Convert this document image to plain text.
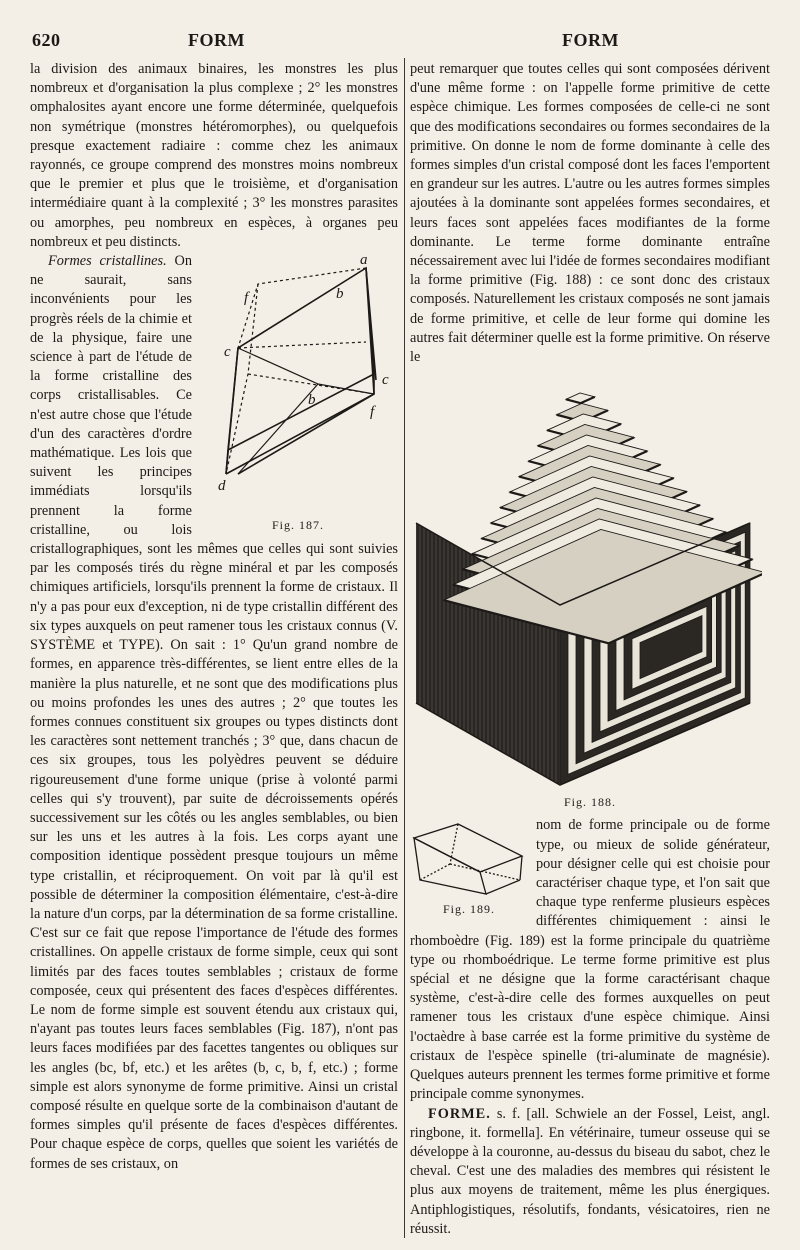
620	FORM	FORM

la division des animaux binaires, les monstres les plus nombreux et d'organisation la plus complexe ; 2° les monstres omphalosites ayant encore une forme déterminée, quelquefois non symétrique (monstres hétéromorphes), ou quelquefois presque exactement radiaire : comme chez les animaux rayonnés, ce groupe comprend des monstres moins nombreux que le premier et plus que le troisième, et d'organisation intermédiaire quant à la complexité ; 3° les monstres parasites ou amorphes, peu nombreux en espèces, à organes peu nombreux et peu distincts.

a
b
c
c
b
f
f
d
Fig. 187.

Formes cristallines. On ne saurait, sans inconvénients pour les progrès réels de la chimie et de la physique, faire une science à part de l'étude de la forme cristalline des corps cristallisables. Ce n'est autre chose que l'étude d'un des caractères d'ordre mathématique. Les lois que suivent les principes immédiats lorsqu'ils prennent la forme cristalline, ou lois cristallographiques, sont les mêmes que celles qui sont suivies par les composés tirés du règne minéral et par les composés chimiques artificiels, lorsqu'ils prennent la forme de cristaux. Il n'y a pas pour eux d'exception, ni de type cristallin différent des six types auxquels on peut ramener tous les cristaux connus (V. SYSTÈME et TYPE). On sait : 1° Qu'un grand nombre de formes, en apparence très-différentes, se lient entre elles de la manière la plus naturelle, et ne sont que des modifications plus ou moins profondes les unes des autres ; 2° que toutes les formes connues constituent six groupes ou types distincts dont les caractères sont nettement tranchés ; 3° que, dans chacun de ces six groupes, tous les polyèdres peuvent se déduire rigoureusement d'une forme unique (prise à volonté parmi celles qui s'y trouvent), par suite de décroissements opérés successivement sur les côtés ou les angles semblables, ou bien sur les uns et les autres à la fois. Les corps ayant une composition identique possèdent presque toujours un même type cristallin, et réciproquement. On voit par là qu'il est possible de déterminer la composition élémentaire, c'est-à-dire la nature d'un corps, par la détermination de sa forme cristalline. C'est sur ce fait que repose l'importance de l'étude des formes cristallines. On appelle cristaux de forme simple, ceux qui sont limités par des faces toutes semblables ; cristaux de forme composée, ceux qui présentent des faces d'espèces différentes. Le nom de forme simple est souvent étendu aux cristaux qui, n'ayant pas toutes leurs faces semblables (Fig. 187), n'ont pas leurs faces modifiées par des facettes tangentes ou obliques sur les angles (bc, bf, etc.) et les arêtes (b, c, b, f, etc.) ; forme simple est alors synonyme de forme primitive. Ainsi un cristal composé résulte en quelque sorte de la combinaison d'autant de formes simples qu'il présente de faces d'espèces différentes. Pour chaque espèce de corps, quelles que soient les variétés de formes de ses cristaux, on

peut remarquer que toutes celles qui sont composées dérivent d'une même forme : on l'appelle forme primitive de cette espèce chimique. Les formes composées de celle-ci ne sont que des modifications secondaires ou formes secondaires de la primitive. On donne le nom de forme dominante à celle des formes simples d'un cristal composé dont les faces l'emportent en grandeur sur les autres. L'autre ou les autres formes simples ajoutées à la dominante sont appelées formes secondaires, et leurs faces sont appelées faces modifiantes de la forme dominante. Le terme forme dominante entraîne nécessairement avec lui l'idée de formes secondaires modifiant la forme primitive (Fig. 188) : ce sont donc des cristaux composés. Naturellement les cristaux composés ne sont jamais de forme primitive, et celle de leur forme qui domine les autres fait déterminer quelle est la forme primitive. On réserve le

Fig. 188.
Fig. 189.

nom de forme principale ou de forme type, ou mieux de solide générateur, pour désigner celle qui est choisie pour caractériser chaque type, et l'on sait que chaque type renferme plusieurs espèces différentes chimiquement : ainsi le rhomboèdre (Fig. 189) est la forme principale du quatrième type ou rhomboédrique. Le terme forme primitive est plus spécial et ne désigne que la forme caractérisant chaque système, c'est-à-dire celle des formes auxquelles on peut ramener tous les cristaux d'une espèce chimique. Ainsi l'octaèdre à base carrée est la forme primitive du système de cristaux de l'espèce spinelle (tri-aluminate de magnésie). Quelques auteurs prennent les termes forme primitive et forme principale comme synonymes.

FORME. s. f. [all. Schwiele an der Fossel, Leist, angl. ringbone, it. formella]. En vétérinaire, tumeur osseuse qui se développe à la couronne, au-dessus du biseau du sabot, chez le cheval. C'est une des maladies des membres qui résistent le plus aux moyens de traitement, même les plus énergiques. Antiphlogistiques, résolutifs, fondants, vésicatoires, rien ne réussit.
